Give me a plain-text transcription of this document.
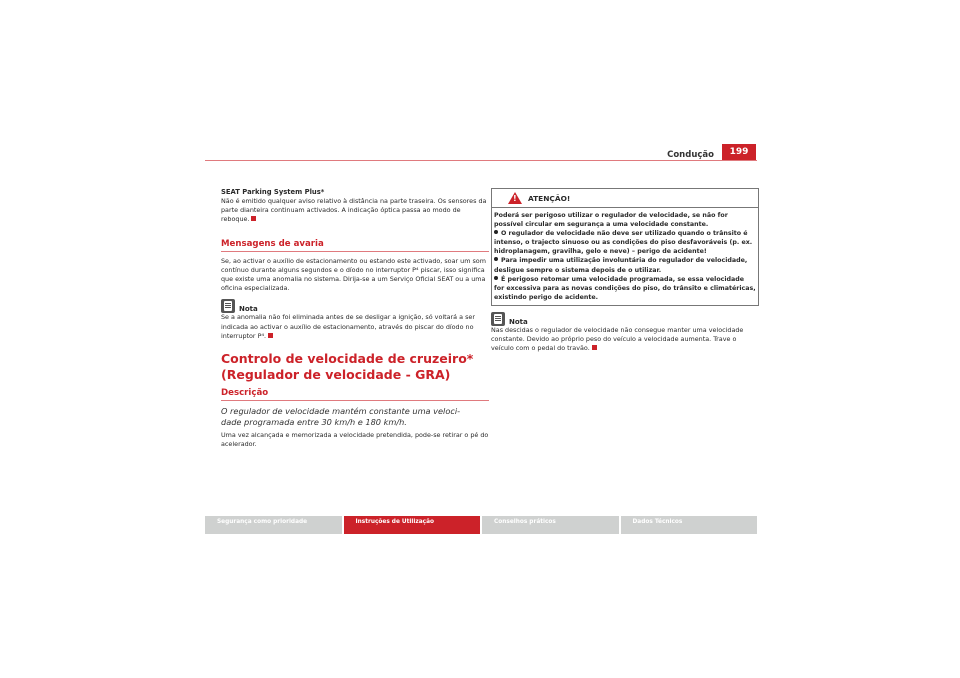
Condução	199

SEAT Parking System Plus*

Não é emitido qualquer aviso relativo à distância na parte traseira. Os sensores da parte dianteira continuam activados. A indicação óptica passa ao modo de reboque.

Mensagens de avaria

Se, ao activar o auxílio de estacionamento ou estando este activado, soar um som contínuo durante alguns segundos e o díodo no interruptor P⁴ piscar, isso significa que existe uma anomalia no sistema. Dirija-se a um Serviço Oficial SEAT ou a uma oficina especializada.

Nota

Se a anomalia não foi eliminada antes de se desligar a ignição, só voltará a ser indicada ao activar o auxílio de estacionamento, através do piscar do díodo no interruptor P⁴.

Controlo de velocidade de cruzeiro*
(Regulador de velocidade - GRA)

Descrição

O regulador de velocidade mantém constante uma veloci-
dade programada entre 30 km/h e 180 km/h.

Uma vez alcançada e memorizada a velocidade pretendida, pode-se retirar o pé do acelerador.

!
ATENÇÃO!

Poderá ser perigoso utilizar o regulador de velocidade, se não for possível circular em segurança a uma velocidade constante.

O regulador de velocidade não deve ser utilizado quando o trânsito é intenso, o trajecto sinuoso ou as condições do piso desfavoráveis (p. ex. hidroplanagem, gravilha, gelo e neve) – perigo de acidente!

Para impedir uma utilização involuntária do regulador de velocidade, desligue sempre o sistema depois de o utilizar.

É perigoso retomar uma velocidade programada, se essa velocidade for excessiva para as novas condições do piso, do trânsito e climatéricas, existindo perigo de acidente.

Nota

Nas descidas o regulador de velocidade não consegue manter uma velocidade constante. Devido ao próprio peso do veículo a velocidade aumenta. Trave o veículo com o pedal do travão.

Segurança como prioridade	Instruções de Utilização	Conselhos práticos	Dados Técnicos
